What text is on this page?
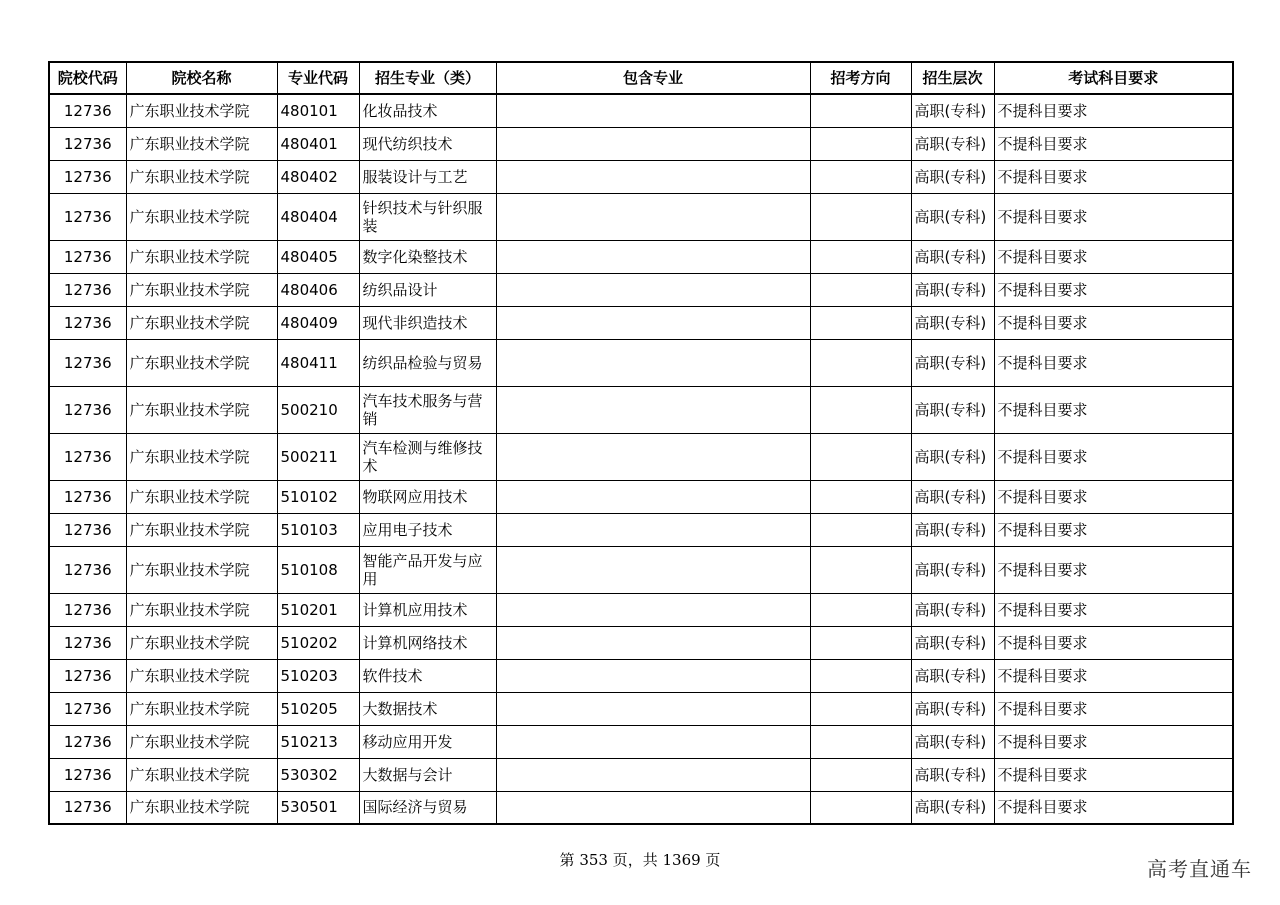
院校代码	院校名称	专业代码	招生专业（类）	包含专业	招考方向	招生层次	考试科目要求
12736	广东职业技术学院	480101	化妆品技术			高职(专科)	不提科目要求
12736	广东职业技术学院	480401	现代纺织技术			高职(专科)	不提科目要求
12736	广东职业技术学院	480402	服装设计与工艺			高职(专科)	不提科目要求
12736	广东职业技术学院	480404	针织技术与针织服装			高职(专科)	不提科目要求
12736	广东职业技术学院	480405	数字化染整技术			高职(专科)	不提科目要求
12736	广东职业技术学院	480406	纺织品设计			高职(专科)	不提科目要求
12736	广东职业技术学院	480409	现代非织造技术			高职(专科)	不提科目要求
12736	广东职业技术学院	480411	纺织品检验与贸易			高职(专科)	不提科目要求
12736	广东职业技术学院	500210	汽车技术服务与营销			高职(专科)	不提科目要求
12736	广东职业技术学院	500211	汽车检测与维修技术			高职(专科)	不提科目要求
12736	广东职业技术学院	510102	物联网应用技术			高职(专科)	不提科目要求
12736	广东职业技术学院	510103	应用电子技术			高职(专科)	不提科目要求
12736	广东职业技术学院	510108	智能产品开发与应用			高职(专科)	不提科目要求
12736	广东职业技术学院	510201	计算机应用技术			高职(专科)	不提科目要求
12736	广东职业技术学院	510202	计算机网络技术			高职(专科)	不提科目要求
12736	广东职业技术学院	510203	软件技术			高职(专科)	不提科目要求
12736	广东职业技术学院	510205	大数据技术			高职(专科)	不提科目要求
12736	广东职业技术学院	510213	移动应用开发			高职(专科)	不提科目要求
12736	广东职业技术学院	530302	大数据与会计			高职(专科)	不提科目要求
12736	广东职业技术学院	530501	国际经济与贸易			高职(专科)	不提科目要求
第 353 页，共 1369 页	高考直通车
